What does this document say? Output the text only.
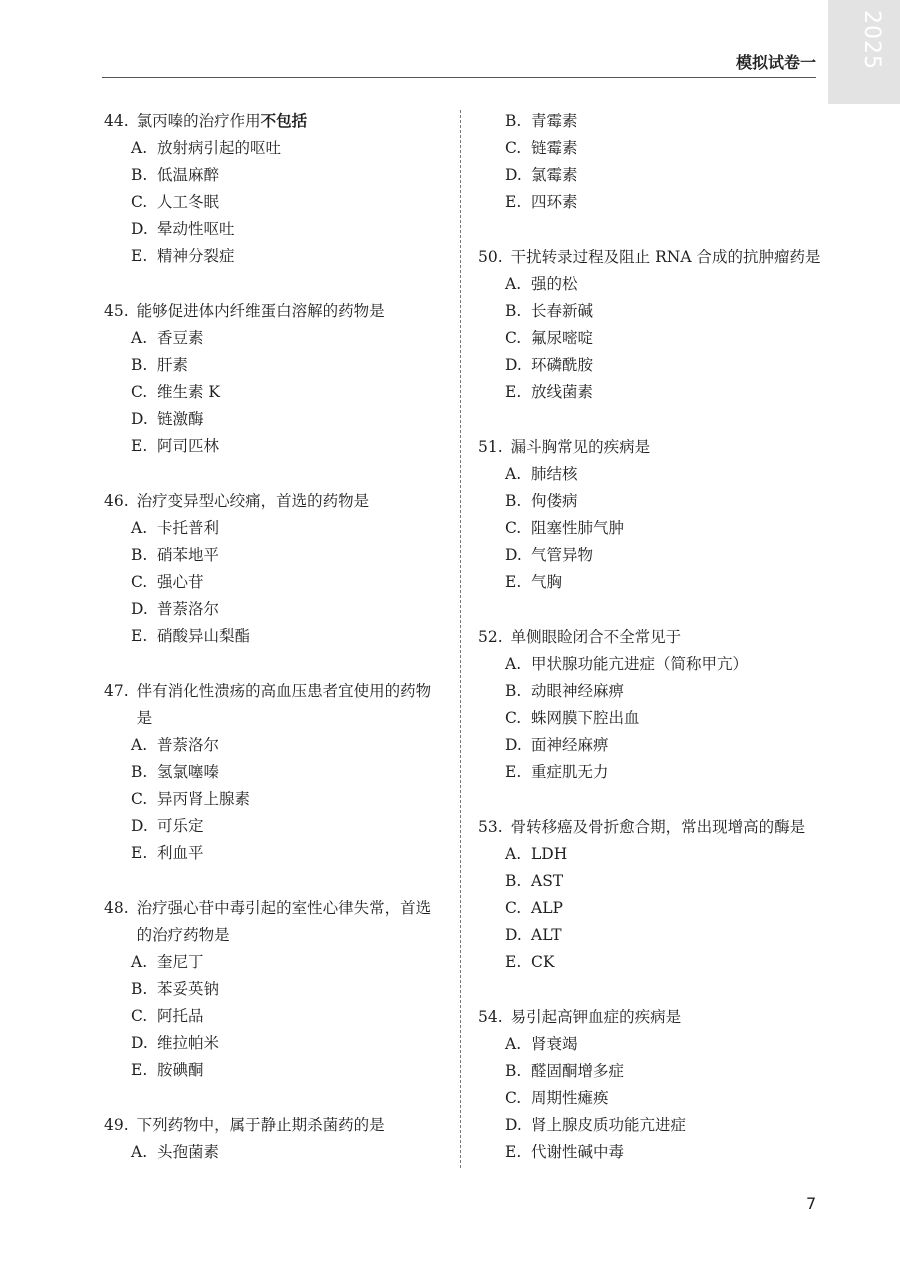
2025
模拟试卷一
44. 氯丙嗪的治疗作用不包括
A. 放射病引起的呕吐
B. 低温麻醉
C. 人工冬眠
D. 晕动性呕吐
E. 精神分裂症
45. 能够促进体内纤维蛋白溶解的药物是
A. 香豆素
B. 肝素
C. 维生素 K
D. 链激酶
E. 阿司匹林
46. 治疗变异型心绞痛，首选的药物是
A. 卡托普利
B. 硝苯地平
C. 强心苷
D. 普萘洛尔
E. 硝酸异山梨酯
47. 伴有消化性溃疡的高血压患者宜使用的药物是
A. 普萘洛尔
B. 氢氯噻嗪
C. 异丙肾上腺素
D. 可乐定
E. 利血平
48. 治疗强心苷中毒引起的室性心律失常，首选的治疗药物是
A. 奎尼丁
B. 苯妥英钠
C. 阿托品
D. 维拉帕米
E. 胺碘酮
49. 下列药物中，属于静止期杀菌药的是
A. 头孢菌素
B. 青霉素
C. 链霉素
D. 氯霉素
E. 四环素
50. 干扰转录过程及阻止 RNA 合成的抗肿瘤药是
A. 强的松
B. 长春新碱
C. 氟尿嘧啶
D. 环磷酰胺
E. 放线菌素
51. 漏斗胸常见的疾病是
A. 肺结核
B. 佝偻病
C. 阻塞性肺气肿
D. 气管异物
E. 气胸
52. 单侧眼睑闭合不全常见于
A. 甲状腺功能亢进症（简称甲亢）
B. 动眼神经麻痹
C. 蛛网膜下腔出血
D. 面神经麻痹
E. 重症肌无力
53. 骨转移癌及骨折愈合期，常出现增高的酶是
A. LDH
B. AST
C. ALP
D. ALT
E. CK
54. 易引起高钾血症的疾病是
A. 肾衰竭
B. 醛固酮增多症
C. 周期性瘫痪
D. 肾上腺皮质功能亢进症
E. 代谢性碱中毒
7
